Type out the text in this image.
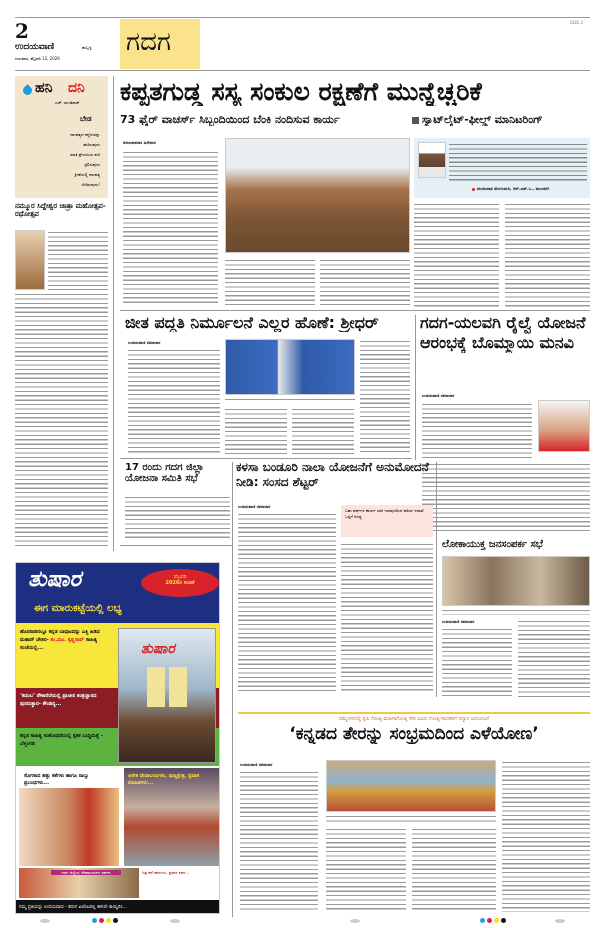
2
ಉದಯವಾಣಿ	ಹುಬ್ಬಳ್ಳಿ
ಗುರುವಾರ, ಫೆಬ್ರವರಿ 12, 2026
ಗದಗ
GDG 2
ಹನಿ ದನಿ
ಎಚ್. ಡುಂಡಿರಾಜ್
ಬೇಡ
ದಾಂಪತ್ಯದ ಕಲ್ಲೆದುರನ್ನು
ಹುರಿಸುವುದು
ಮಾತಿ ಪ್ರೇಯಸಿಯ ಕುರಿ
ಸ್ಪೆಲಿಸುವುದು
ಕ್ರೀಡೆಯಲ್ಲಿ ದಾಂಪತ್ಯ
ಬೇಡಿಸುವುದು!
ನಮ್ಮೂರ ಸಿದ್ದೇಶ್ವರ ಜಾತ್ರಾ ಮಹೋತ್ಸವ-ರಥೋತ್ಸವ
ಕಪ್ಪತಗುಡ್ಡ ಸಸ್ಯ ಸಂಕುಲ ರಕ್ಷಣೆಗೆ ಮುನ್ನೆಚ್ಚರಿಕೆ
73 ಫೈರ್ ವಾಚರ್ಸ್ ಸಿಬ್ಬಂದಿಯಿಂದ ಬೆಂಕಿ ನಂದಿಸುವ ಕಾರ್ಯ	ಸ್ಯಾಟ್‌ಲೈಟ್-ಫೀಲ್ಡ್ ಮಾನಿಟರಿಂಗ್
ಅರುಣಕುಮಾರ ಹಿರೇಮಠ
ಮಂಜುನಾಥ ಮೇಗಲಮನಿ, ಆರ್.ಎಫ್.ಒ., ಮುಂಡರಗಿ
ಜೀತ ಪದ್ಧತಿ ನಿರ್ಮೂಲನೆ ಎಲ್ಲರ ಹೊಣೆ: ಶ್ರೀಧರ್
ಉದಯವಾಣಿ ಸಮಾಚಾರ
ಗದಗ-ಯಲವಗಿ ರೈಲ್ವೆ ಯೋಜನೆ ಆರಂಭಕ್ಕೆ ಬೊಮ್ಮಾಯಿ ಮನವಿ
ಉದಯವಾಣಿ ಸಮಾಚಾರ
17 ರಂದು ಗದಗ ಜಿಲ್ಲಾ ಯೋಜನಾ ಸಮಿತಿ ಸಭೆ
ಕಳಸಾ ಬಂಡೂರಿ ನಾಲಾ ಯೋಜನೆಗೆ ಅನುಮೋದನೆ ನೀಡಿ: ಸಂಸದ ಶೆಟ್ಟರ್
ಉದಯವಾಣಿ ಸಮಾಚಾರ
ಬಹು ವರ್ಷಗಳ ಕಾರ್ಯ ಬಾಕಿ ಇರುವುದರಿಂದ ಪರಿಸರ ಇಲಾಖೆ ಒಪ್ಪಿಗೆ ಅಗತ್ಯ
ಲೋಕಾಯುಕ್ತ ಜನಸಂಪರ್ಕ ಸಭೆ
ಉದಯವಾಣಿ ಸಮಾಚಾರ
ಸಮ್ಮೇಳನದಲ್ಲಿ ಕೃಷಿ ಗೋಷ್ಠಿ-ಮಹಿಳಾಗೋಷ್ಠಿ ಸೇರಿ ವಿವಿಧ ಗೋಷ್ಠಿ-ಸಾಧಕರಿಗೆ ಸನ್ಮಾನ ಆಯೋಜನೆ
‘ಕನ್ನಡದ ತೇರನ್ನು ಸಂಭ್ರಮದಿಂದ ಎಳೆಯೋಣ’
ಉದಯವಾಣಿ ಸಮಾಚಾರ
ತುಷಾರ	ಫೆಬ್ರವರಿ
2026ರ ಸಂಚಿಕೆ
ಈಗ ಮಾರುಕಟ್ಟೆಯಲ್ಲಿ ಲಭ್ಯ
ಹೊರನಾಡಿನಲ್ಲೂ ಕನ್ನಡ ಬಾವುಟವನ್ನು ಎತ್ತಿ ಹಿಡಿದ ಮಹಾನ್ ಚೇತನ- ಶಂ.ಮಂ. ಕೃಷ್ಣರಾವ್ ಸಾಹಿತ್ಯ ಸಂಜೆಯಲ್ಲಿ...
‘ಕದಂಬ’ ನೌಕಾನೆಲೆಯಲ್ಲಿ ಪ್ರಾಚೀನ ತಂತ್ರಜ್ಞಾನದ ಪುನರುತ್ಥಾನ- ಕೌಂಡಿನ್ಯ...
ಕನ್ನಡ ಸಾಹಿತ್ಯ ಸಂಶೋಧನೆಯಲ್ಲಿ ಕೃತಕ ಬುದ್ಧಿಮತ್ತೆ - ಬೆಳ್ತಂಗಡಿ
ತುಷಾರ
ಸೊಗಸಾದ ಹತ್ತು ಕತೆಗಳು ಹಾಗೂ ನಾಲ್ಕು ಪ್ರಬಂಧಗಳು...
ಅನೇಕ ದೇವಾಲಯಗಳು, ಪುಣ್ಯಕ್ಷೇತ್ರ, ಪ್ರವಾಸ ಮಾಹಿತಿಗಳು...
ಗದಗ ಜಿಲ್ಲೆಯ ದೇವಾಲಯಗಳ ದರ್ಶನ	ಚಿತ್ರ ಕಥೆ ಕವನಗಳು, ಪ್ರವಾಸ ಕಥನ...
ನಿಮ್ಮ ಪ್ರತಿಯನ್ನು ಉದಯವಾಣಿ - ತರಂಗ ಏಜೆಂಟರಲ್ಲಿ ಈಗಲೇ ಕಾಯ್ದಿರಿಸಿ...
